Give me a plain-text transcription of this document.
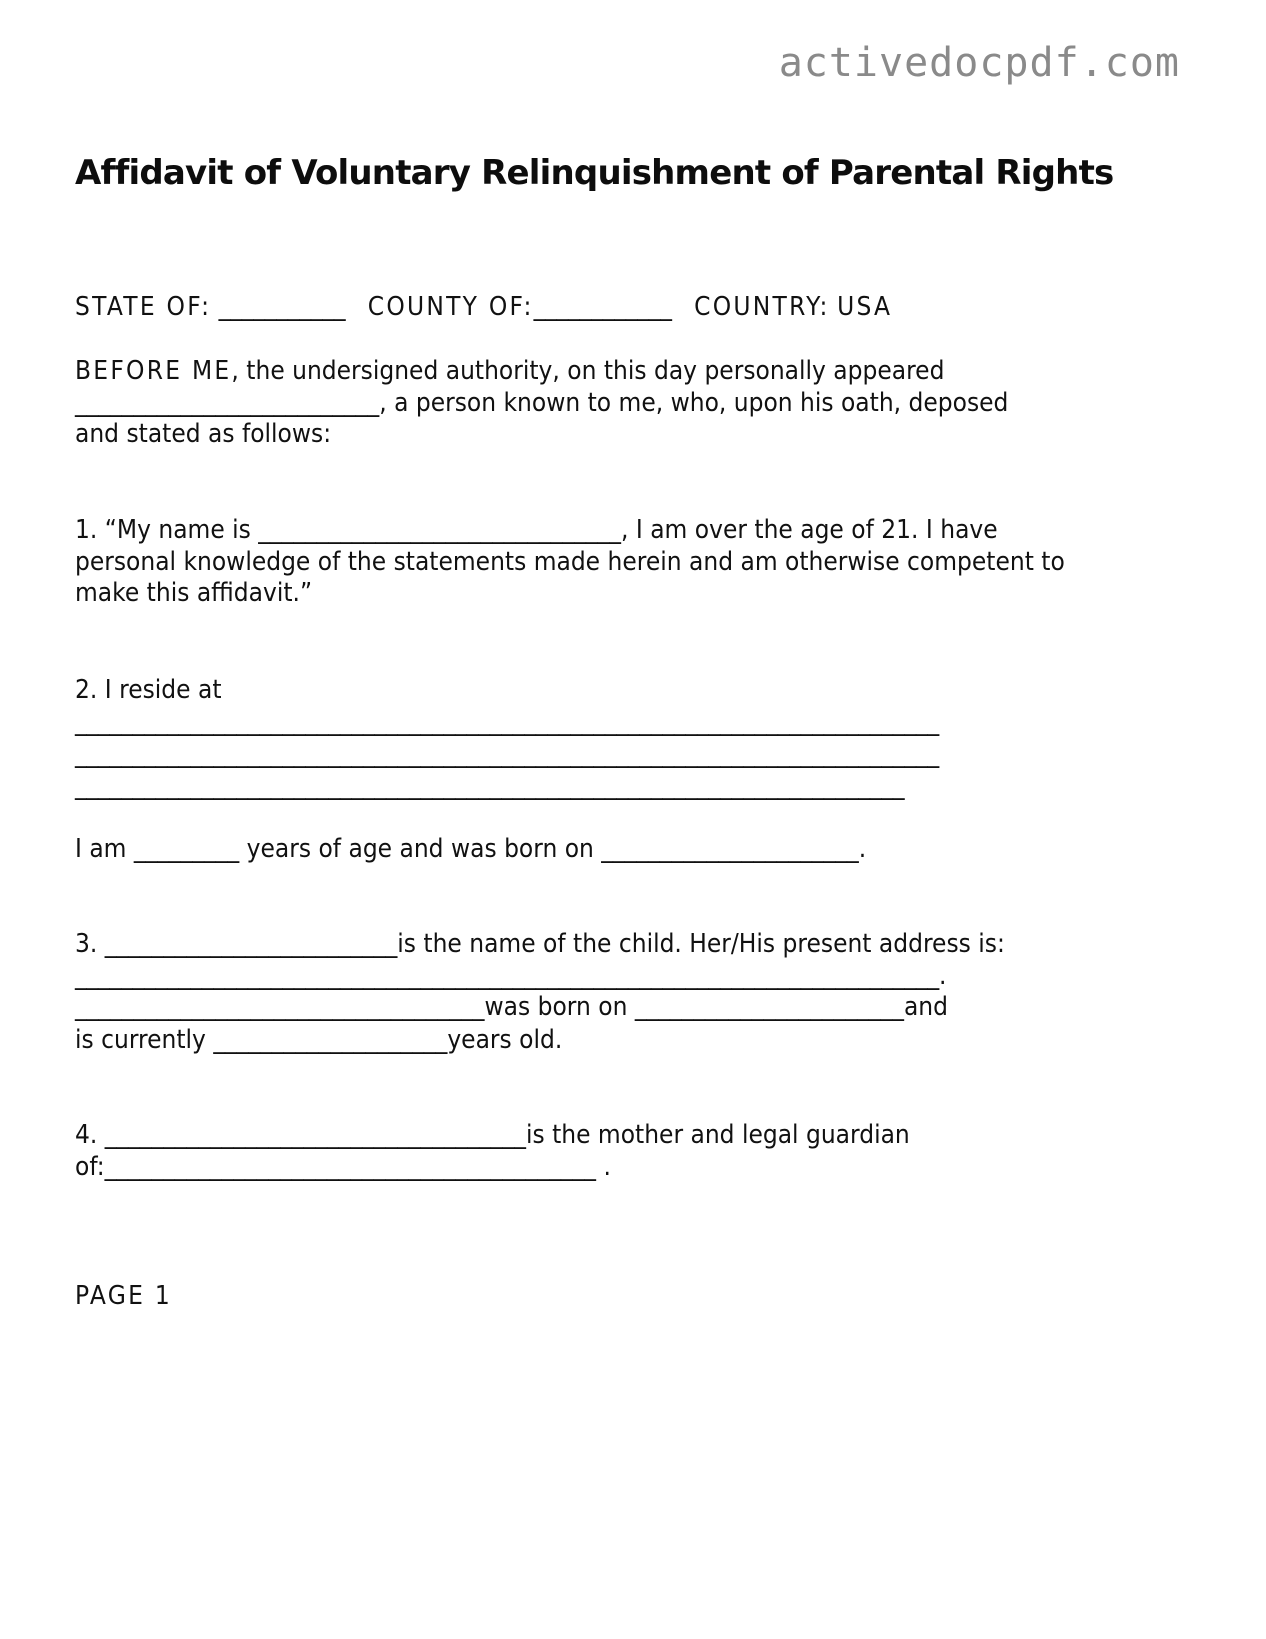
activedocpdf.com
Affidavit of Voluntary Relinquishment of Parental Rights
STATE OF: ___________ COUNTY OF:____________ COUNTRY: USA
BEFORE ME, the undersigned authority, on this day personally appeared
__________________________, a person known to me, who, upon his oath, deposed
and stated as follows:
1. “My name is _______________________________, I am over the age of 21. I have
personal knowledge of the statements made herein and am otherwise competent to
make this affidavit.”
2. I reside at
___________________________________________________________________________
___________________________________________________________________________
________________________________________________________________________
I am _________ years of age and was born on ______________________.
3. _________________________is the name of the child. Her/His present address is:
___________________________________________________________________________.
___________________________________was born on _______________________and
is currently ____________________years old.
4. ____________________________________is the mother and legal guardian
of:__________________________________________ .
PAGE 1
